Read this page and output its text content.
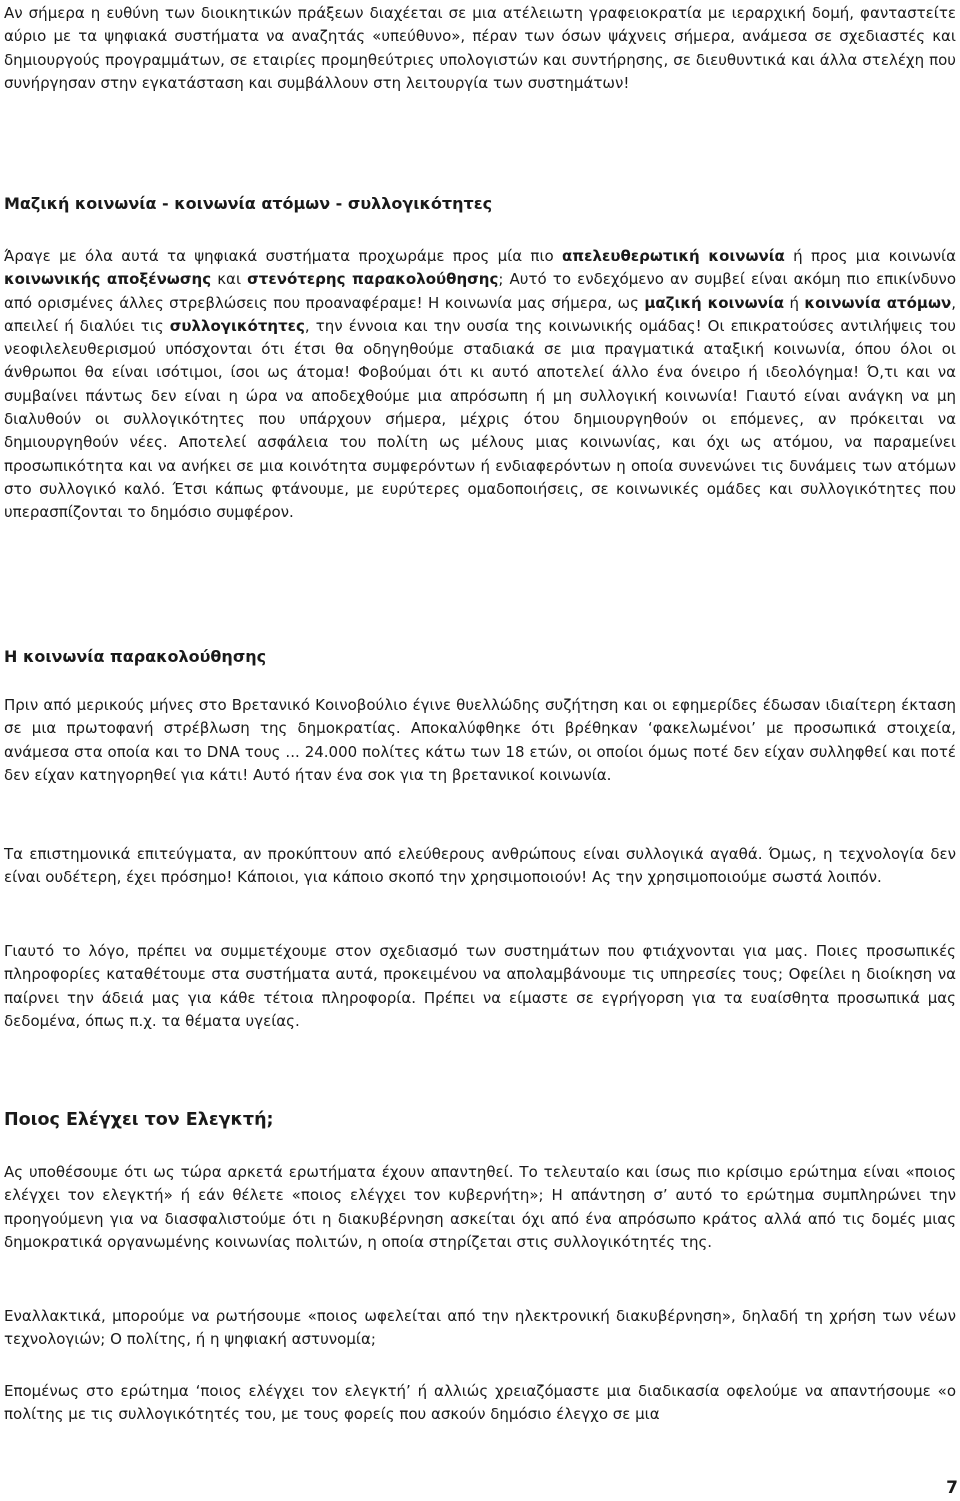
Αν σήμερα η ευθύνη των διοικητικών πράξεων διαχέεται σε μια ατέλειωτη γραφειοκρατία με ιεραρχική δομή, φανταστείτε αύριο με τα ψηφιακά συστήματα να αναζητάς «υπεύθυνο», πέραν των όσων ψάχνεις σήμερα, ανάμεσα σε σχεδιαστές και δημιουργούς προγραμμάτων, σε εταιρίες προμηθεύτριες υπολογιστών και συντήρησης, σε διευθυντικά και άλλα στελέχη που συνήργησαν στην εγκατάσταση και συμβάλλουν στη λειτουργία των συστημάτων!

Μαζική κοινωνία - κοινωνία ατόμων - συλλογικότητες

Άραγε με όλα αυτά τα ψηφιακά συστήματα προχωράμε προς μία πιο απελευθερωτική κοινωνία ή προς μια κοινωνία κοινωνικής αποξένωσης και στενότερης παρακολούθησης; Αυτό το ενδεχόμενο αν συμβεί είναι ακόμη πιο επικίνδυνο από ορισμένες άλλες στρεβλώσεις που προαναφέραμε! Η κοινωνία μας σήμερα, ως μαζική κοινωνία ή κοινωνία ατόμων, απειλεί ή διαλύει τις συλλογικότητες, την έννοια και την ουσία της κοινωνικής ομάδας! Οι επικρατούσες αντιλήψεις του νεοφιλελευθερισμού υπόσχονται ότι έτσι θα οδηγηθούμε σταδιακά σε μια πραγματικά αταξική κοινωνία, όπου όλοι οι άνθρωποι θα είναι ισότιμοι, ίσοι ως άτομα! Φοβούμαι ότι κι αυτό αποτελεί άλλο ένα όνειρο ή ιδεολόγημα! Ό,τι και να συμβαίνει πάντως δεν είναι η ώρα να αποδεχθούμε μια απρόσωπη ή μη συλλογική κοινωνία! Γιαυτό είναι ανάγκη να μη διαλυθούν οι συλλογικότητες που υπάρχουν σήμερα, μέχρις ότου δημιουργηθούν οι επόμενες, αν πρόκειται να δημιουργηθούν νέες. Αποτελεί ασφάλεια του πολίτη ως μέλους μιας κοινωνίας, και όχι ως ατόμου, να παραμείνει προσωπικότητα και να ανήκει σε μια κοινότητα συμφερόντων ή ενδιαφερόντων η οποία συνενώνει τις δυνάμεις των ατόμων στο συλλογικό καλό. Έτσι κάπως φτάνουμε, με ευρύτερες ομαδοποιήσεις, σε κοινωνικές ομάδες και συλλογικότητες που υπερασπίζονται το δημόσιο συμφέρον.

Η κοινωνία παρακολούθησης

Πριν από μερικούς μήνες στο Βρετανικό Κοινοβούλιο έγινε θυελλώδης συζήτηση και οι εφημερίδες έδωσαν ιδιαίτερη έκταση σε μια πρωτοφανή στρέβλωση της δημοκρατίας. Αποκαλύφθηκε ότι βρέθηκαν ‘φακελωμένοι’ με προσωπικά στοιχεία, ανάμεσα στα οποία και το DNA τους ... 24.000 πολίτες κάτω των 18 ετών, οι οποίοι όμως ποτέ δεν είχαν συλληφθεί και ποτέ δεν είχαν κατηγορηθεί για κάτι! Αυτό ήταν ένα σοκ για τη βρετανικοί κοινωνία.

Τα επιστημονικά επιτεύγματα, αν προκύπτουν από ελεύθερους ανθρώπους είναι συλλογικά αγαθά. Όμως, η τεχνολογία δεν είναι ουδέτερη, έχει πρόσημο! Κάποιοι, για κάποιο σκοπό την χρησιμοποιούν! Ας την χρησιμοποιούμε σωστά λοιπόν.

Γιαυτό το λόγο, πρέπει να συμμετέχουμε στον σχεδιασμό των συστημάτων που φτιάχνονται για μας. Ποιες προσωπικές πληροφορίες καταθέτουμε στα συστήματα αυτά, προκειμένου να απολαμβάνουμε τις υπηρεσίες τους; Οφείλει η διοίκηση να παίρνει την άδειά μας για κάθε τέτοια πληροφορία. Πρέπει να είμαστε σε εγρήγορση για τα ευαίσθητα προσωπικά μας δεδομένα, όπως π.χ. τα θέματα υγείας.

Ποιος Ελέγχει τον Ελεγκτή;

Ας υποθέσουμε ότι ως τώρα αρκετά ερωτήματα έχουν απαντηθεί. Το τελευταίο και ίσως πιο κρίσιμο ερώτημα είναι «ποιος ελέγχει τον ελεγκτή» ή εάν θέλετε «ποιος ελέγχει τον κυβερνήτη»; Η απάντηση σ’ αυτό το ερώτημα συμπληρώνει την προηγούμενη για να διασφαλιστούμε ότι η διακυβέρνηση ασκείται όχι από ένα απρόσωπο κράτος αλλά από τις δομές μιας δημοκρατικά οργανωμένης κοινωνίας πολιτών, η οποία στηρίζεται στις συλλογικότητές της.

Εναλλακτικά, μπορούμε να ρωτήσουμε «ποιος ωφελείται από την ηλεκτρονική διακυβέρνηση», δηλαδή τη χρήση των νέων τεχνολογιών; Ο πολίτης, ή η ψηφιακή αστυνομία;

Επομένως στο ερώτημα ‘ποιος ελέγχει τον ελεγκτή’ ή αλλιώς χρειαζόμαστε μια διαδικασία οφελούμε να απαντήσουμε «ο πολίτης με τις συλλογικότητές του, με τους φορείς που ασκούν δημόσιο έλεγχο σε μια

7
